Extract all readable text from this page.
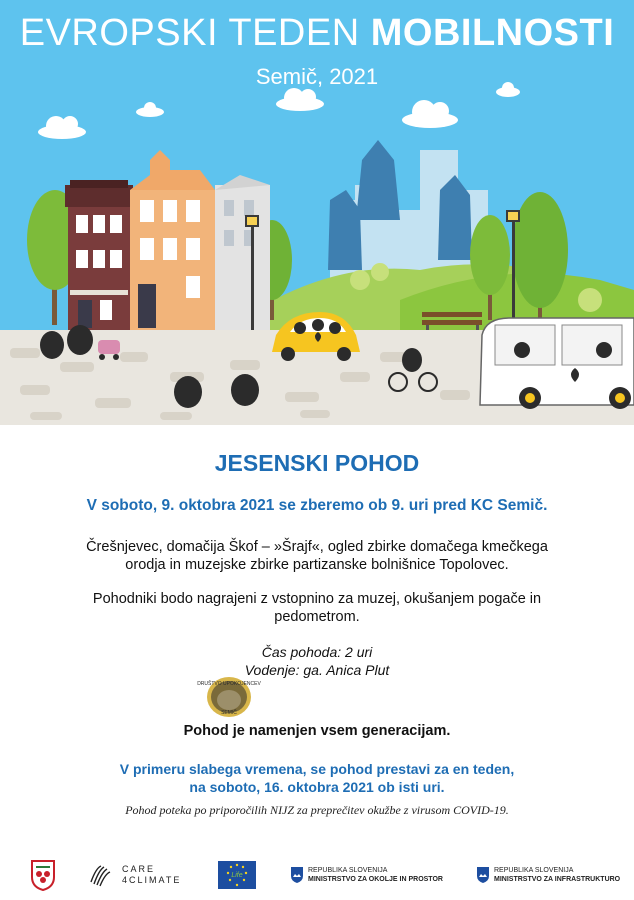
EVROPSKI TEDEN MOBILNOSTI
Semič, 2021
JESENSKI POHOD
V soboto, 9. oktobra 2021 se zberemo ob 9. uri pred KC Semič.
Črešnjevec, domačija Škof – »Šrajf«, ogled zbirke domačega kmečkega
orodja in muzejske zbirke partizanske bolnišnice Topolovec.
Pohodniki bodo nagrajeni z vstopnino za muzej, okušanjem pogače in
pedometrom.
Čas pohoda: 2 uri
Vodenje: ga. Anica Plut
DRUŠTVO UPOKOJENCEV
SEMIČ
Pohod je namenjen vsem generacijam.
V primeru slabega vremena, se pohod prestavi za en teden,
na soboto, 16. oktobra 2021 ob isti uri.
Pohod poteka po priporočilih NIJZ za preprečitev okužbe z virusom COVID-19.
CARE
4CLIMATE	Life
REPUBLIKA SLOVENIJA
MINISTRSTVO ZA OKOLJE IN PROSTOR
REPUBLIKA SLOVENIJA
MINISTRSTVO ZA INFRASTRUKTURO
